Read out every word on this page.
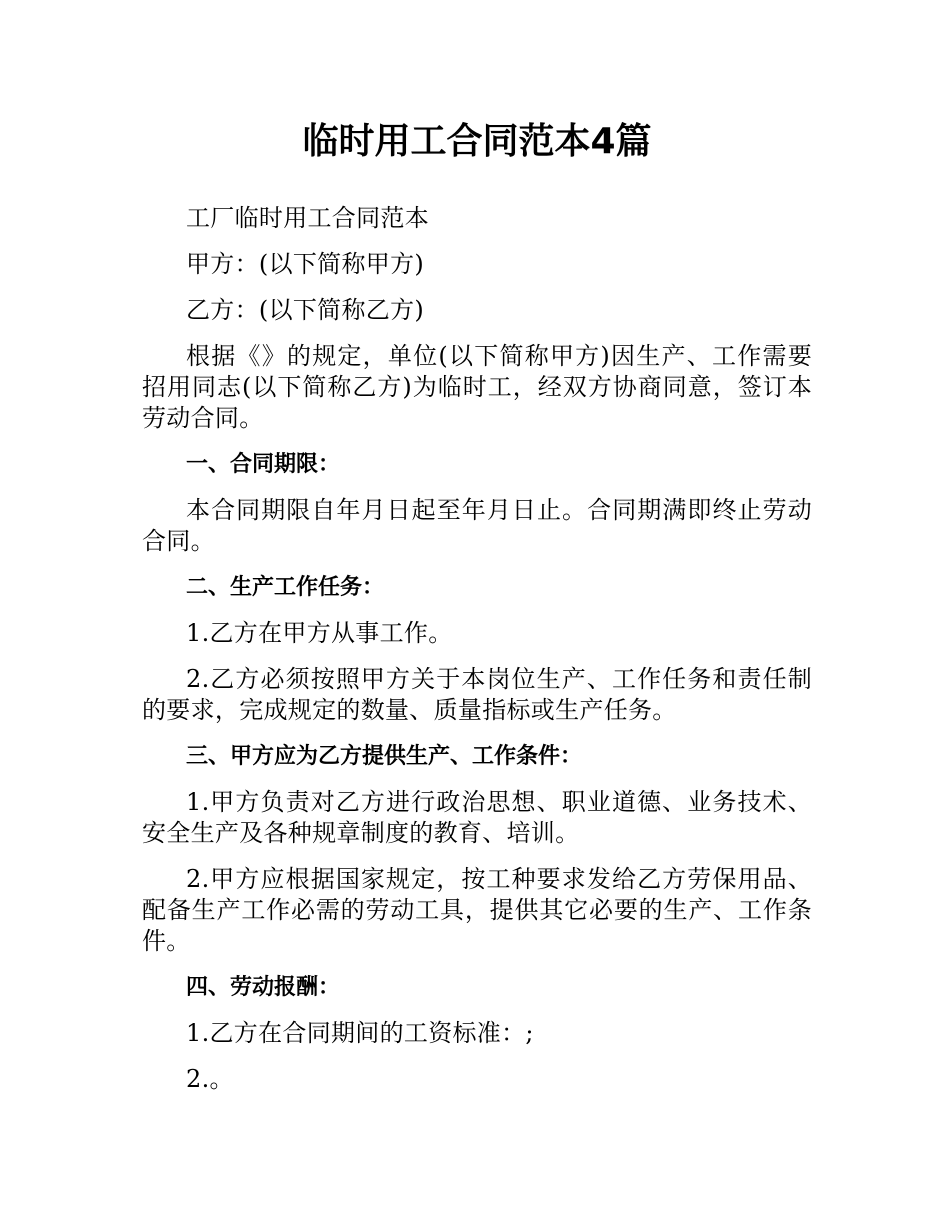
临时用工合同范本4篇

工厂临时用工合同范本

甲方：(以下简称甲方)

乙方：(以下简称乙方)

根据《》的规定，单位(以下简称甲方)因生产、工作需要招用同志(以下简称乙方)为临时工，经双方协商同意，签订本劳动合同。

一、合同期限：

本合同期限自年月日起至年月日止。合同期满即终止劳动合同。

二、生产工作任务：

1.乙方在甲方从事工作。

2.乙方必须按照甲方关于本岗位生产、工作任务和责任制的要求，完成规定的数量、质量指标或生产任务。

三、甲方应为乙方提供生产、工作条件：

1.甲方负责对乙方进行政治思想、职业道德、业务技术、安全生产及各种规章制度的教育、培训。

2.甲方应根据国家规定，按工种要求发给乙方劳保用品、配备生产工作必需的劳动工具，提供其它必要的生产、工作条件。

四、劳动报酬：

1.乙方在合同期间的工资标准：;

2.。
